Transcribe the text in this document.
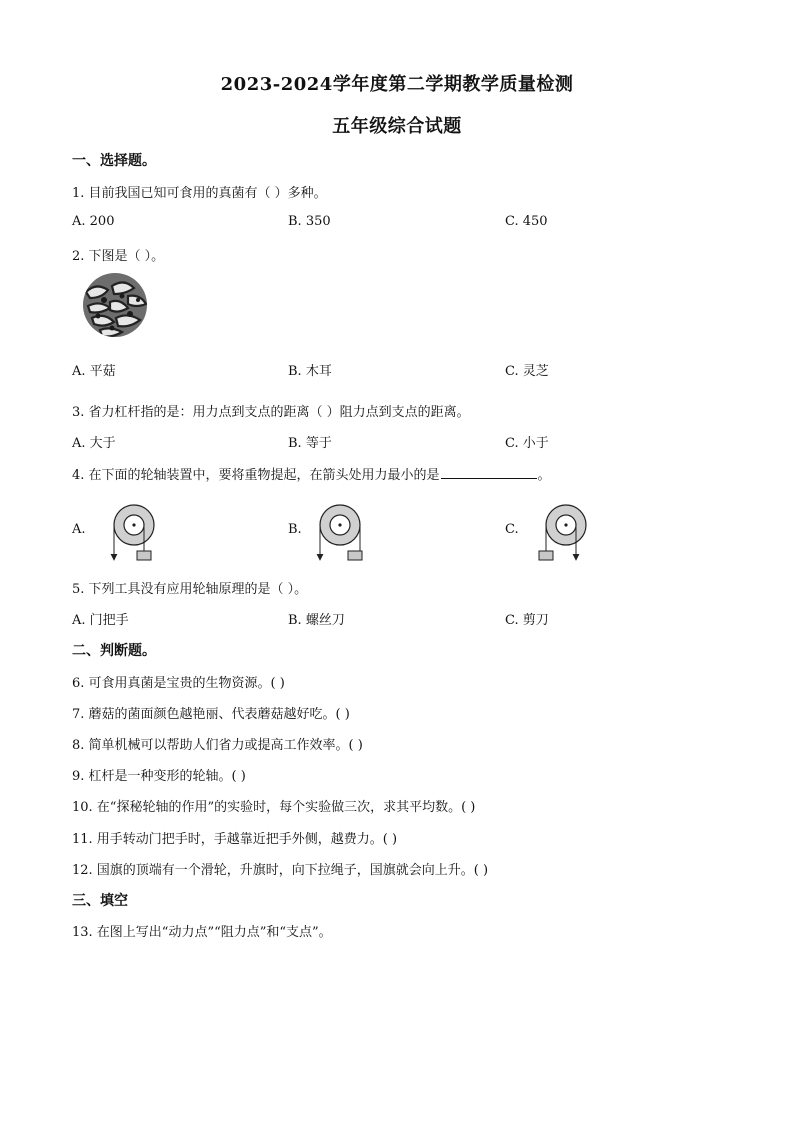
2023-2024学年度第二学期教学质量检测
五年级综合试题
一、选择题。
1. 目前我国已知可食用的真菌有（ ）多种。
A. 200	B. 350	C. 450
2. 下图是（ ）。
A. 平菇	B. 木耳	C. 灵芝
3. 省力杠杆指的是：用力点到支点的距离（ ）阻力点到支点的距离。
A. 大于	B. 等于	C. 小于
4. 在下面的轮轴装置中，要将重物提起，在箭头处用力最小的是	。
A.	B.	C.
5. 下列工具没有应用轮轴原理的是（ ）。
A. 门把手	B. 螺丝刀	C. 剪刀
二、判断题。
6. 可食用真菌是宝贵的生物资源。( )
7. 蘑菇的菌面颜色越艳丽、代表蘑菇越好吃。( )
8. 简单机械可以帮助人们省力或提高工作效率。( )
9. 杠杆是一种变形的轮轴。( )
10. 在“探秘轮轴的作用”的实验时，每个实验做三次，求其平均数。( )
11. 用手转动门把手时，手越靠近把手外侧，越费力。( )
12. 国旗的顶端有一个滑轮，升旗时，向下拉绳子，国旗就会向上升。( )
三、填空
13. 在图上写出“动力点”“阻力点”和“支点”。
